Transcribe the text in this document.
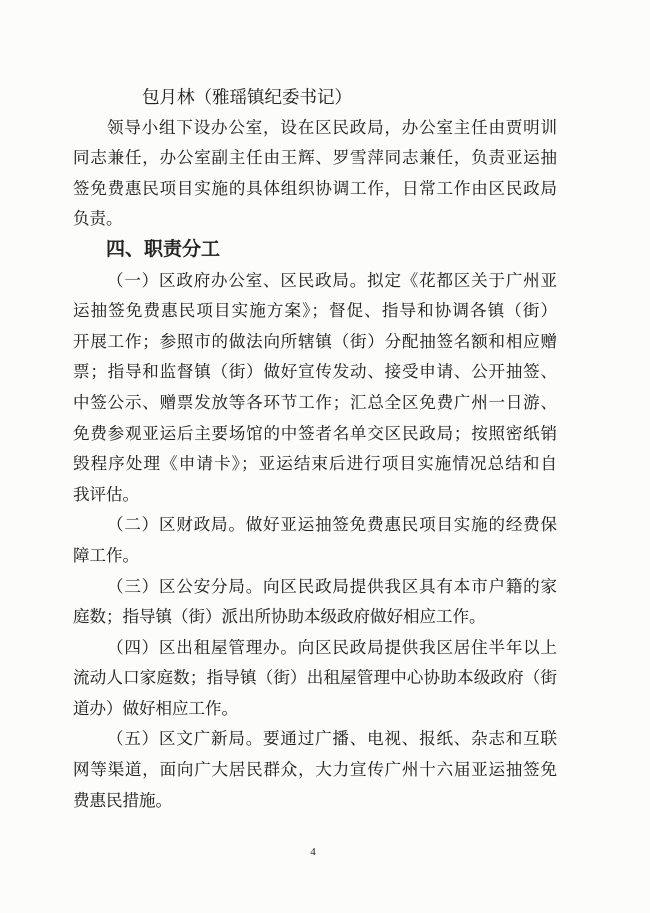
包月林（雅瑶镇纪委书记）
领导小组下设办公室，设在区民政局，办公室主任由贾明训
同志兼任，办公室副主任由王辉、罗雪萍同志兼任，负责亚运抽
签免费惠民项目实施的具体组织协调工作，日常工作由区民政局
负责。
四、职责分工
（一）区政府办公室、区民政局。拟定《花都区关于广州亚
运抽签免费惠民项目实施方案》；督促、指导和协调各镇（街）
开展工作；参照市的做法向所辖镇（街）分配抽签名额和相应赠
票；指导和监督镇（街）做好宣传发动、接受申请、公开抽签、
中签公示、赠票发放等各环节工作；汇总全区免费广州一日游、
免费参观亚运后主要场馆的中签者名单交区民政局；按照密纸销
毁程序处理《申请卡》；亚运结束后进行项目实施情况总结和自
我评估。
（二）区财政局。做好亚运抽签免费惠民项目实施的经费保
障工作。
（三）区公安分局。向区民政局提供我区具有本市户籍的家
庭数；指导镇（街）派出所协助本级政府做好相应工作。
（四）区出租屋管理办。向区民政局提供我区居住半年以上
流动人口家庭数；指导镇（街）出租屋管理中心协助本级政府（街
道办）做好相应工作。
（五）区文广新局。要通过广播、电视、报纸、杂志和互联
网等渠道，面向广大居民群众，大力宣传广州十六届亚运抽签免
费惠民措施。
4
